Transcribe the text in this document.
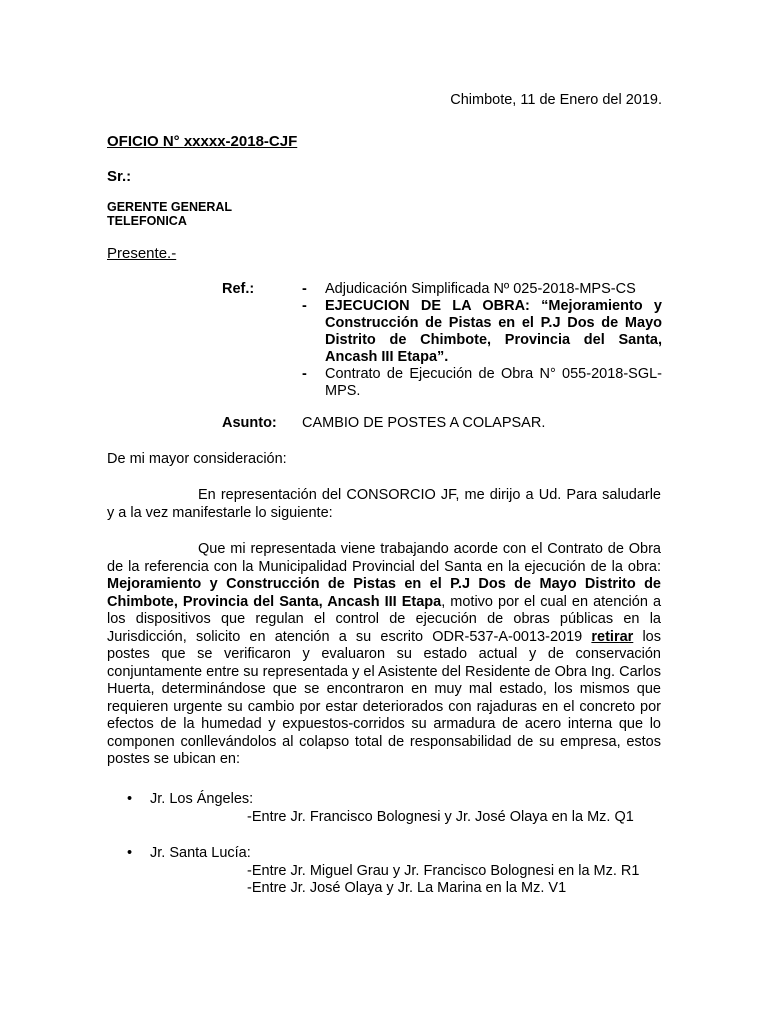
Chimbote, 11 de Enero del 2019.
OFICIO N° xxxxx-2018-CJF
Sr.:
GERENTE GENERAL
TELEFONICA
Presente.-
Ref.:	-	Adjudicación Simplificada Nº 025-2018-MPS-CS
-	EJECUCION DE LA OBRA: “Mejoramiento y Construcción de Pistas en el P.J Dos de Mayo Distrito de Chimbote, Provincia del Santa, Ancash III Etapa”.
-	Contrato de Ejecución de Obra N° 055-2018-SGL-MPS.
Asunto: CAMBIO DE POSTES A COLAPSAR.
De mi mayor consideración:
En representación del CONSORCIO JF, me dirijo a Ud. Para saludarle y a la vez manifestarle lo siguiente:
Que mi representada viene trabajando acorde con el Contrato de Obra de la referencia con la Municipalidad Provincial del Santa en la ejecución de la obra: Mejoramiento y Construcción de Pistas en el P.J Dos de Mayo Distrito de Chimbote, Provincia del Santa, Ancash III Etapa, motivo por el cual en atención a los dispositivos que regulan el control de ejecución de obras públicas en la Jurisdicción, solicito en atención a su escrito ODR-537-A-0013-2019 retirar los postes que se verificaron y evaluaron su estado actual y de conservación conjuntamente entre su representada y el Asistente del Residente de Obra Ing. Carlos Huerta, determinándose que se encontraron en muy mal estado, los mismos que requieren urgente su cambio por estar deteriorados con rajaduras en el concreto por efectos de la humedad y expuestos-corridos su armadura de acero interna que lo componen conllevándolos al colapso total de responsabilidad de su empresa, estos postes se ubican en:
•	Jr. Los Ángeles:
-Entre Jr. Francisco Bolognesi y Jr. José Olaya en la Mz. Q1
•	Jr. Santa Lucía:
-Entre Jr. Miguel Grau y Jr. Francisco Bolognesi en la Mz. R1
-Entre Jr. José Olaya y Jr. La Marina en la Mz. V1
